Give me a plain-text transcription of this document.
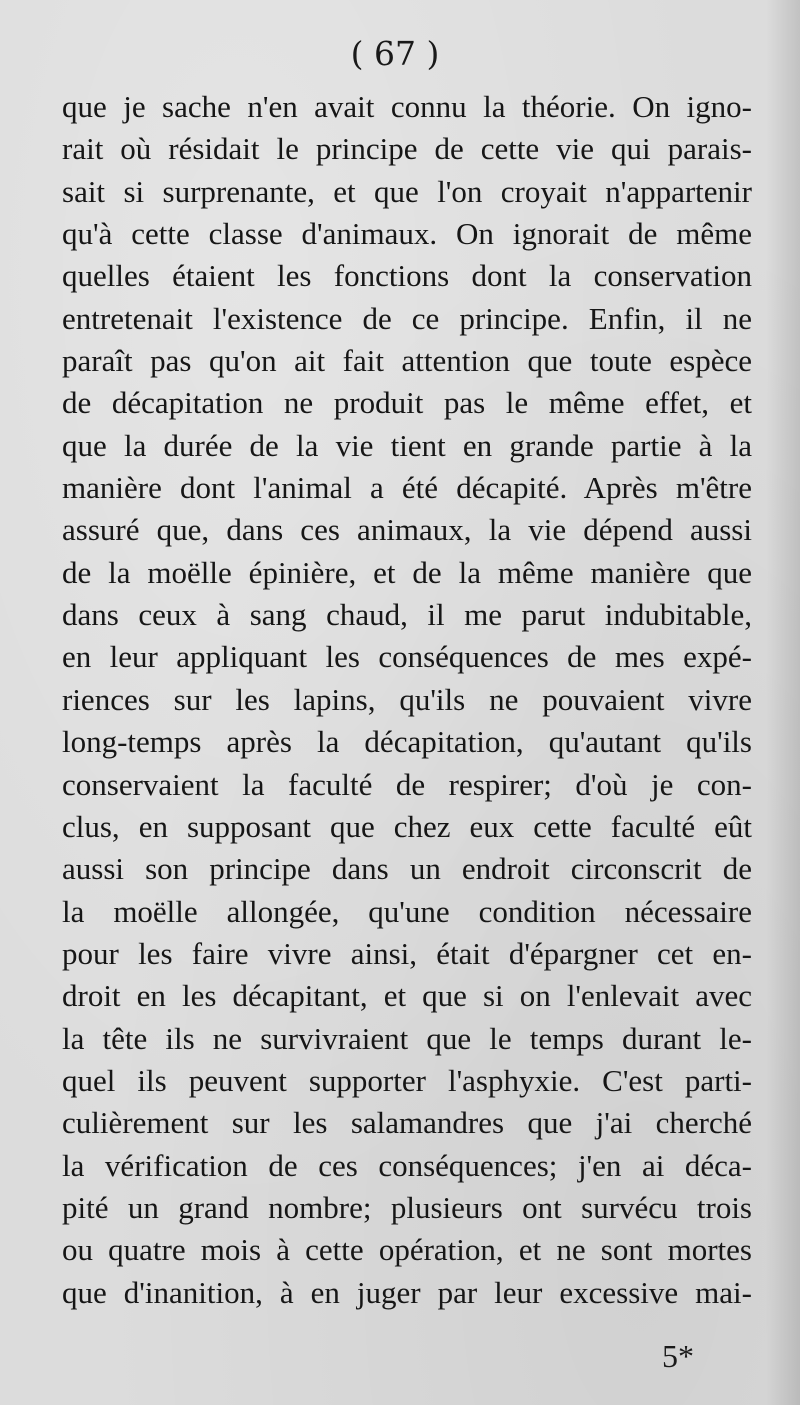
( 67 )
que je sache n'en avait connu la théorie. On igno-
rait où résidait le principe de cette vie qui parais-
sait si surprenante, et que l'on croyait n'appartenir
qu'à cette classe d'animaux. On ignorait de même
quelles étaient les fonctions dont la conservation
entretenait l'existence de ce principe. Enfin, il ne
paraît pas qu'on ait fait attention que toute espèce
de décapitation ne produit pas le même effet, et
que la durée de la vie tient en grande partie à la
manière dont l'animal a été décapité. Après m'être
assuré que, dans ces animaux, la vie dépend aussi
de la moëlle épinière, et de la même manière que
dans ceux à sang chaud, il me parut indubitable,
en leur appliquant les conséquences de mes expé-
riences sur les lapins, qu'ils ne pouvaient vivre
long-temps après la décapitation, qu'autant qu'ils
conservaient la faculté de respirer; d'où je con-
clus, en supposant que chez eux cette faculté eût
aussi son principe dans un endroit circonscrit de
la moëlle allongée, qu'une condition nécessaire
pour les faire vivre ainsi, était d'épargner cet en-
droit en les décapitant, et que si on l'enlevait avec
la tête ils ne survivraient que le temps durant le-
quel ils peuvent supporter l'asphyxie. C'est parti-
culièrement sur les salamandres que j'ai cherché
la vérification de ces conséquences; j'en ai déca-
pité un grand nombre; plusieurs ont survécu trois
ou quatre mois à cette opération, et ne sont mortes
que d'inanition, à en juger par leur excessive mai-
5*
